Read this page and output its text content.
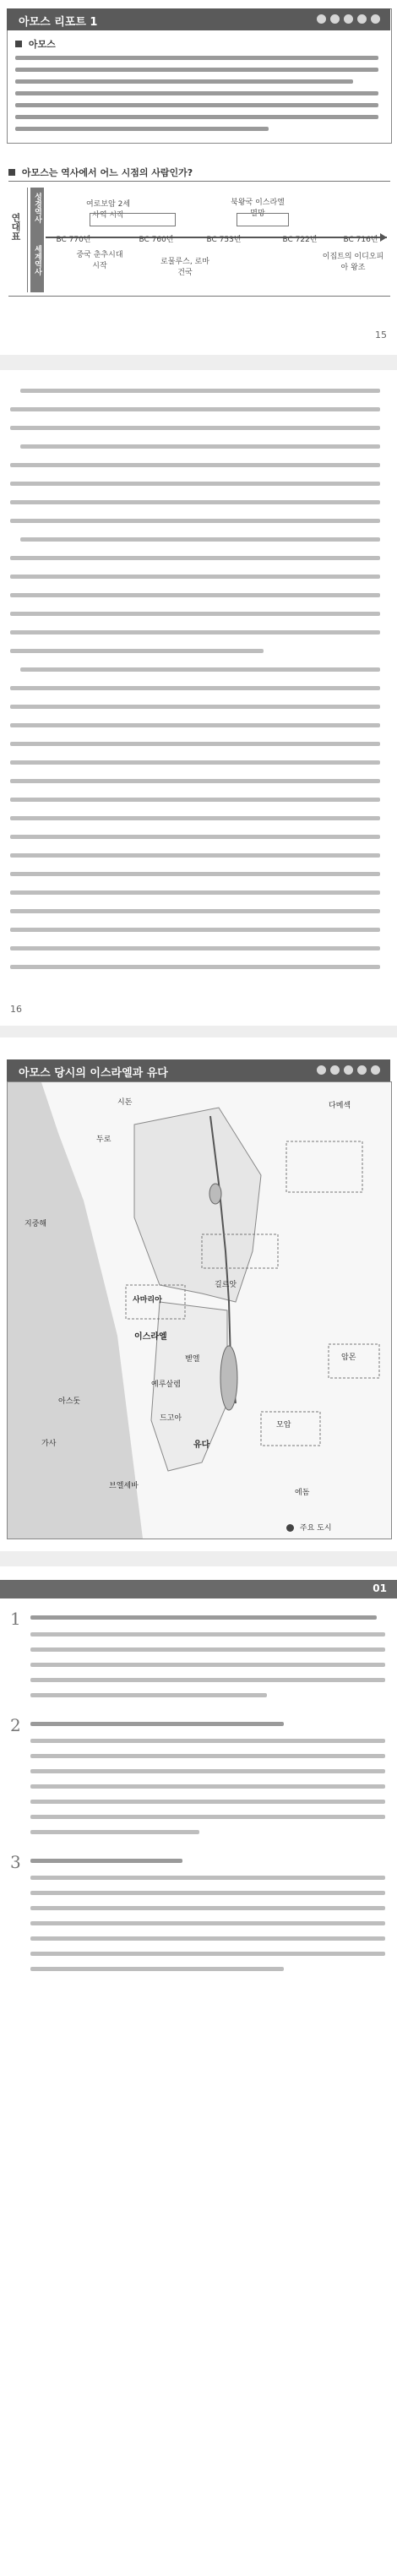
아모스 리포트 1
아모스
아모스는 역사에서 어느 시점의 사람인가?
연대표
성경역사
세계역사
BC 770년	BC 760년	BC 753년	BC 722년	BC 716년
여로보암 2세 사역 시작
북왕국 이스라엘 멸망
중국 춘추시대 시작	로물루스, 로마 건국
이집트의 이디오피아 왕조
15
16
아모스 당시의 이스라엘과 유다
다메섹
시돈
두로
지중해
길르앗
사마리아
이스라엘
벧엘
예루살렘
드고아
유다
암몬
모압
에돔
아스돗
가사
브엘세바
주요 도시
01
1
2
3
